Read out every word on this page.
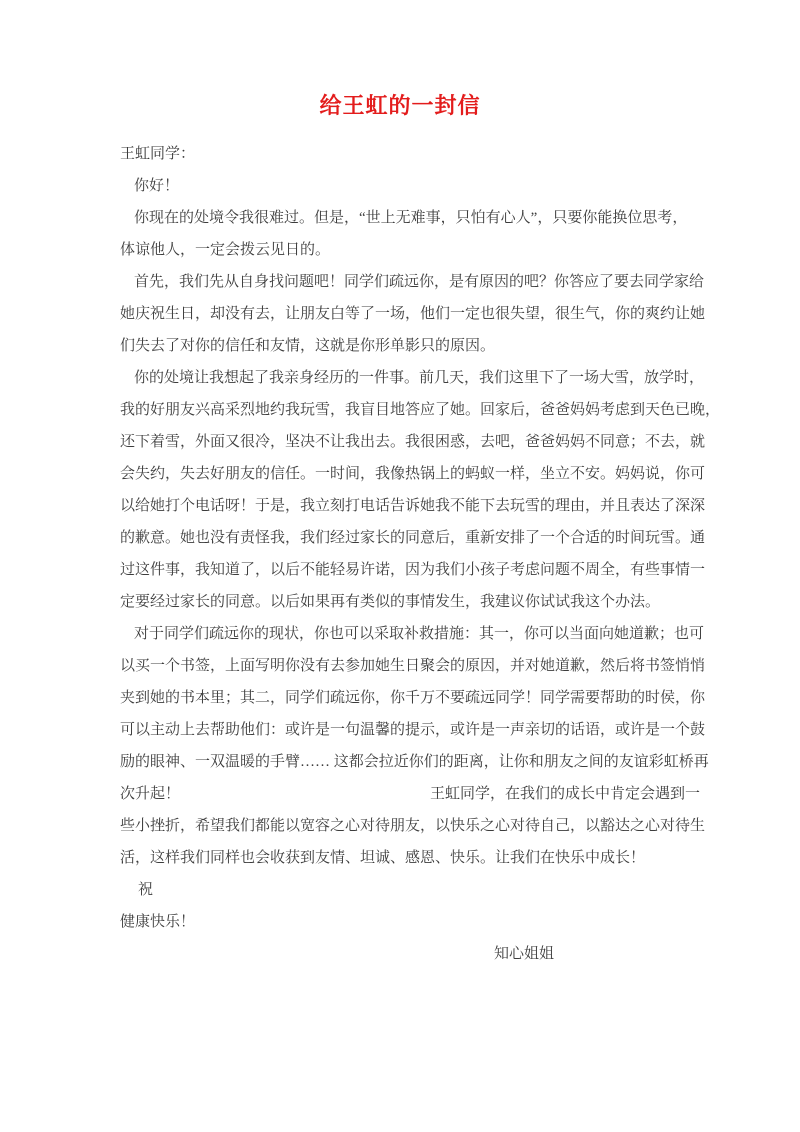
给王虹的一封信
王虹同学：
你好！
你现在的处境令我很难过。但是，“世上无难事，只怕有心人”，只要你能换位思考，
体谅他人，一定会拨云见日的。
首先，我们先从自身找问题吧！同学们疏远你，是有原因的吧？你答应了要去同学家给
她庆祝生日，却没有去，让朋友白等了一场，他们一定也很失望，很生气，你的爽约让她
们失去了对你的信任和友情，这就是你形单影只的原因。
你的处境让我想起了我亲身经历的一件事。前几天，我们这里下了一场大雪，放学时，
我的好朋友兴高采烈地约我玩雪，我盲目地答应了她。回家后，爸爸妈妈考虑到天色已晚，
还下着雪，外面又很冷，坚决不让我出去。我很困惑，去吧，爸爸妈妈不同意；不去，就
会失约，失去好朋友的信任。一时间，我像热锅上的蚂蚁一样，坐立不安。妈妈说，你可
以给她打个电话呀！于是，我立刻打电话告诉她我不能下去玩雪的理由，并且表达了深深
的歉意。她也没有责怪我，我们经过家长的同意后，重新安排了一个合适的时间玩雪。通
过这件事，我知道了，以后不能轻易许诺，因为我们小孩子考虑问题不周全，有些事情一
定要经过家长的同意。以后如果再有类似的事情发生，我建议你试试我这个办法。
对于同学们疏远你的现状，你也可以采取补救措施：其一，你可以当面向她道歉；也可
以买一个书签，上面写明你没有去参加她生日聚会的原因，并对她道歉，然后将书签悄悄
夹到她的书本里；其二，同学们疏远你，你千万不要疏远同学！同学需要帮助的时侯，你
可以主动上去帮助他们：或许是一句温馨的提示，或许是一声亲切的话语，或许是一个鼓
励的眼神、一双温暖的手臂…… 这都会拉近你们的距离，让你和朋友之间的友谊彩虹桥再
次升起！	王虹同学，在我们的成长中肯定会遇到一
些小挫折，希望我们都能以宽容之心对待朋友，以快乐之心对待自己，以豁达之心对待生
活，这样我们同样也会收获到友情、坦诚、感恩、快乐。让我们在快乐中成长！
祝
健康快乐！
知心姐姐
